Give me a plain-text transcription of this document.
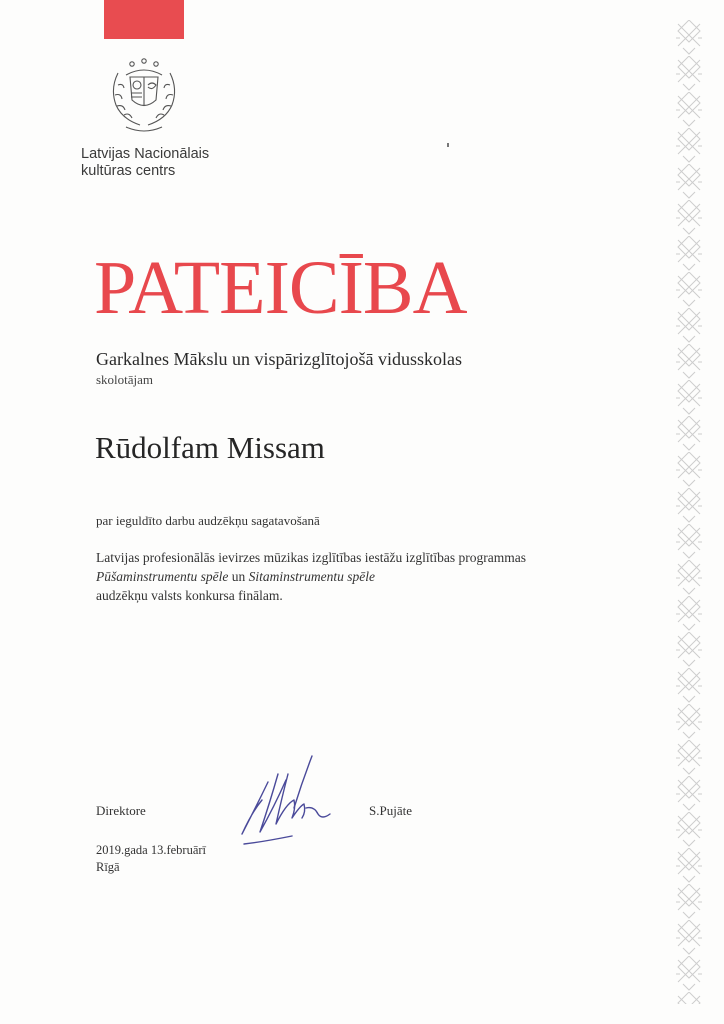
Latvijas Nacionālais
kultūras centrs
PATEICĪBA
Garkalnes Mākslu un vispārizglītojošā vidusskolas
skolotājam
Rūdolfam Missam
par ieguldīto darbu audzēkņu sagatavošanā
Latvijas profesionālās ievirzes mūzikas izglītības iestāžu izglītības programmas
Pūšaminstrumentu spēle un Sitaminstrumentu spēle
audzēkņu valsts konkursa finālam.
Direktore	S.Pujāte
2019.gada 13.februārī
Rīgā
